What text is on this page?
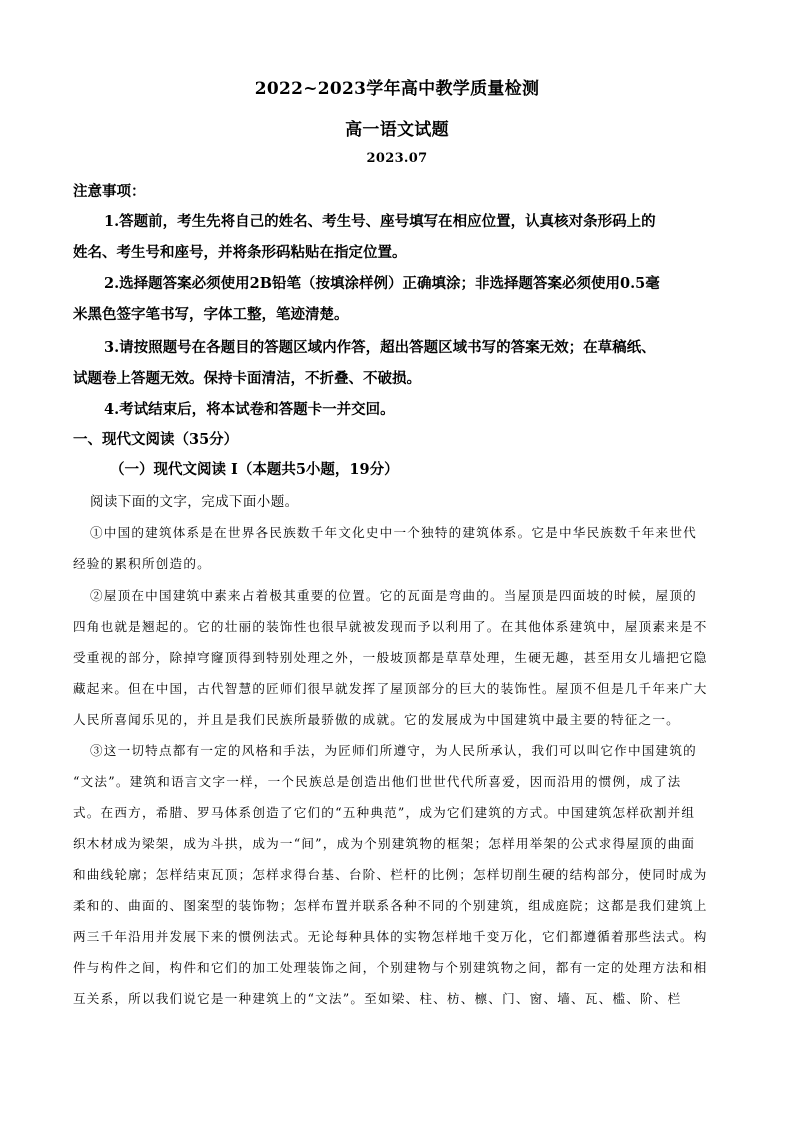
2022~2023学年高中教学质量检测
高一语文试题
2023.07
注意事项：
1.答题前，考生先将自己的姓名、考生号、座号填写在相应位置，认真核对条形码上的
姓名、考生号和座号，并将条形码粘贴在指定位置。
2.选择题答案必须使用2B铅笔（按填涂样例）正确填涂；非选择题答案必须使用0.5毫
米黑色签字笔书写，字体工整，笔迹清楚。
3.请按照题号在各题目的答题区域内作答，超出答题区域书写的答案无效；在草稿纸、
试题卷上答题无效。保持卡面清洁，不折叠、不破损。
4.考试结束后，将本试卷和答题卡一并交回。
一、现代文阅读（35分）
（一）现代文阅读 I（本题共5小题，19分）
阅读下面的文字，完成下面小题。
①中国的建筑体系是在世界各民族数千年文化史中一个独特的建筑体系。它是中华民族数千年来世代
经验的累积所创造的。
②屋顶在中国建筑中素来占着极其重要的位置。它的瓦面是弯曲的。当屋顶是四面坡的时候，屋顶的
四角也就是翘起的。它的壮丽的装饰性也很早就被发现而予以利用了。在其他体系建筑中，屋顶素来是不
受重视的部分，除掉穹窿顶得到特别处理之外，一般坡顶都是草草处理，生硬无趣，甚至用女儿墙把它隐
藏起来。但在中国，古代智慧的匠师们很早就发挥了屋顶部分的巨大的装饰性。屋顶不但是几千年来广大
人民所喜闻乐见的，并且是我们民族所最骄傲的成就。它的发展成为中国建筑中最主要的特征之一。
③这一切特点都有一定的风格和手法，为匠师们所遵守，为人民所承认，我们可以叫它作中国建筑的
“文法”。建筑和语言文字一样，一个民族总是创造出他们世世代代所喜爱，因而沿用的惯例，成了法
式。在西方，希腊、罗马体系创造了它们的“五种典范”，成为它们建筑的方式。中国建筑怎样砍割并组
织木材成为梁架，成为斗拱，成为一“间”，成为个别建筑物的框架；怎样用举架的公式求得屋顶的曲面
和曲线轮廓；怎样结束瓦顶；怎样求得台基、台阶、栏杆的比例；怎样切削生硬的结构部分，使同时成为
柔和的、曲面的、图案型的装饰物；怎样布置并联系各种不同的个别建筑，组成庭院；这都是我们建筑上
两三千年沿用并发展下来的惯例法式。无论每种具体的实物怎样地千变万化，它们都遵循着那些法式。构
件与构件之间，构件和它们的加工处理装饰之间，个别建物与个别建筑物之间，都有一定的处理方法和相
互关系，所以我们说它是一种建筑上的“文法”。至如梁、柱、枋、檩、门、窗、墙、瓦、槛、阶、栏
